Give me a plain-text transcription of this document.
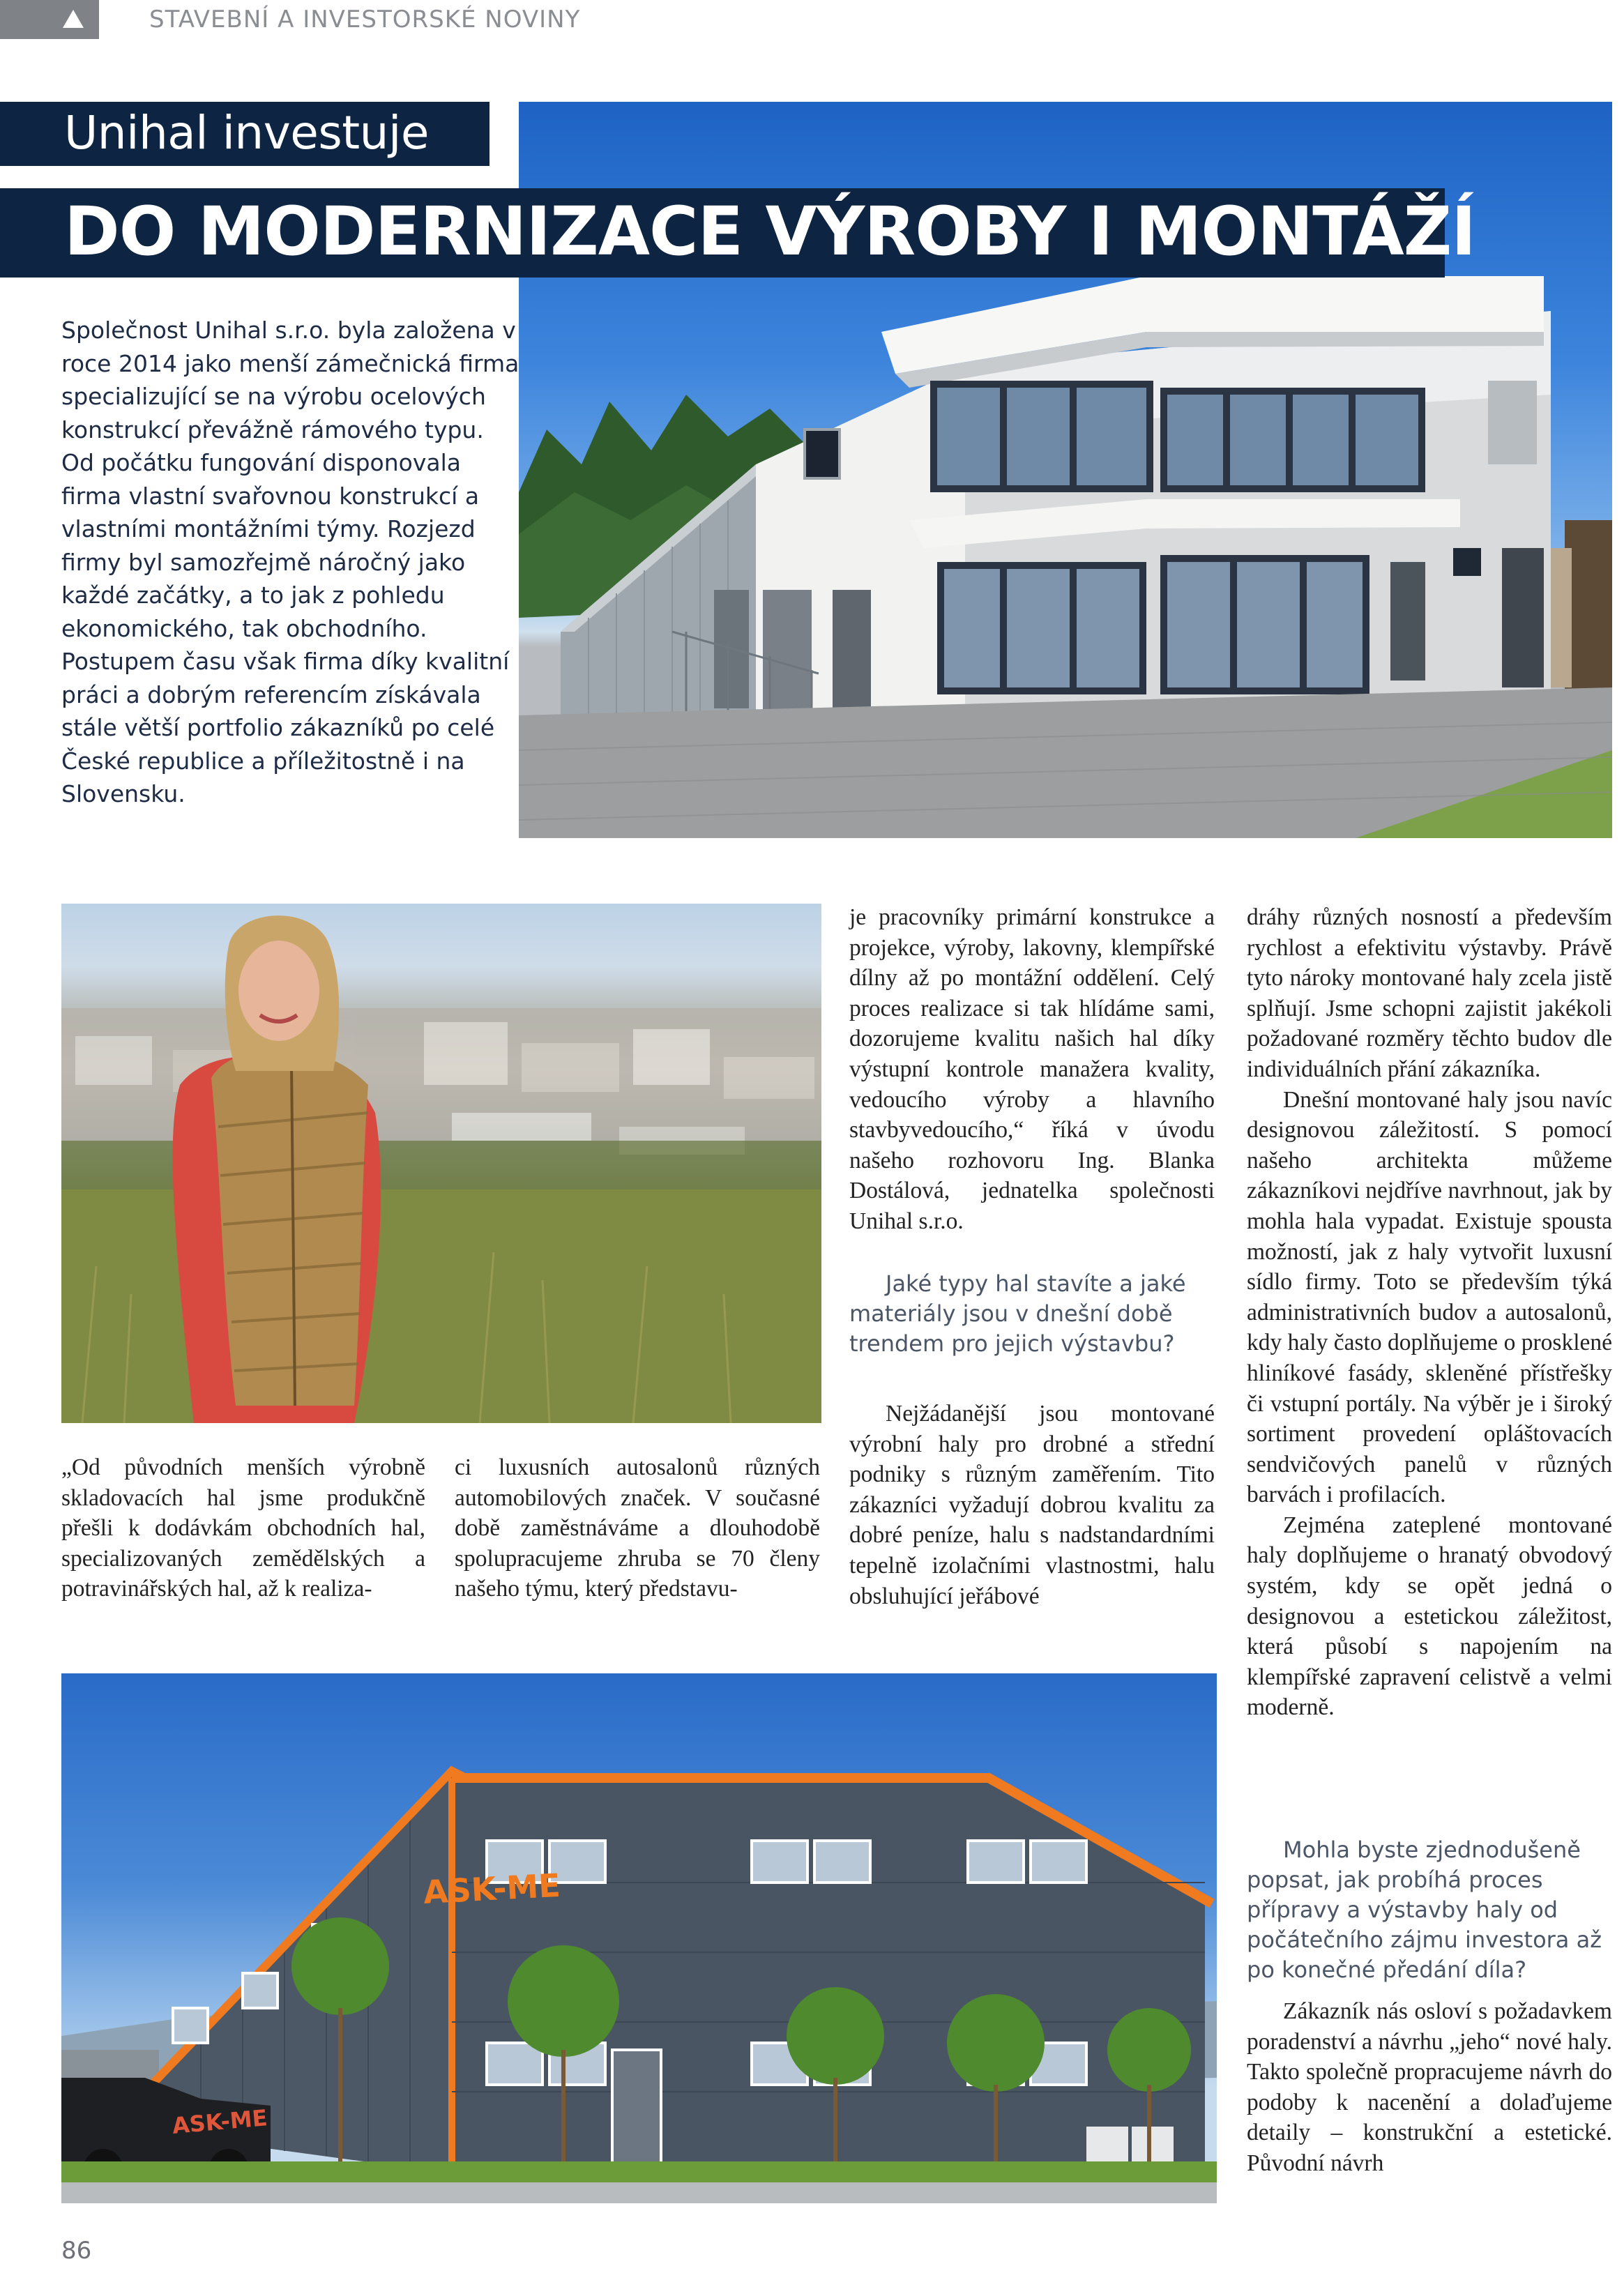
STAVEBNÍ A INVESTORSKÉ NOVINY
Unihal investuje
DO MODERNIZACE VÝROBY I MONTÁŽÍ

Společnost Unihal s.r.o. byla založena v roce 2014 jako menší zámečnická firma specializující se na výrobu ocelových konstrukcí převážně rámového typu. Od počátku fungování disponovala firma vlastní svařovnou konstrukcí a vlastními montážními týmy. Rozjezd firmy byl samozřejmě náročný jako každé začátky, a to jak z pohledu ekonomického, tak obchodního. Postupem času však firma díky kvalitní práci a dobrým referencím získávala stále větší portfolio zákazníků po celé České republice a příležitostně i na Slovensku.

„Od původních menších výrobně skladovacích hal jsme produkčně přešli k dodávkám obchodních hal, specializovaných zemědělských a potravinářských hal, až k realiza-

ci luxusních autosalonů různých automobilových značek. V současné době zaměstnáváme a dlouhodobě spolupracujeme zhruba se 70 členy našeho týmu, který představu-

je pracovníky primární konstrukce a projekce, výroby, lakovny, klempířské dílny až po montážní oddělení. Celý proces realizace si tak hlídáme sami, dozorujeme kvalitu našich hal díky výstupní kontrole manažera kvality, vedoucího výroby a hlavního stavbyvedoucího,“ říká v úvodu našeho rozhovoru Ing. Blanka Dostálová, jednatelka společnosti Unihal s.r.o.

Jaké typy hal stavíte a jaké materiály jsou v dnešní době trendem pro jejich výstavbu?

Nejžádanější jsou montované výrobní haly pro drobné a střední podniky s různým zaměřením. Tito zákazníci vyžadují dobrou kvalitu za dobré peníze, halu s nadstandardními tepelně izolačními vlastnostmi, halu obsluhující jeřábové

dráhy různých nosností a především rychlost a efektivitu výstavby. Právě tyto nároky montované haly zcela jistě splňují. Jsme schopni zajistit jakékoli požadované rozměry těchto budov dle individuálních přání zákazníka.

Dnešní montované haly jsou navíc designovou záležitostí. S pomocí našeho architekta můžeme zákazníkovi nejdříve navrhnout, jak by mohla hala vypadat. Existuje spousta možností, jak z haly vytvořit luxusní sídlo firmy. Toto se především týká administrativních budov a autosalonů, kdy haly často doplňujeme o prosklené hliníkové fasády, skleněné přístřešky či vstupní portály. Na výběr je i široký sortiment provedení opláštovacích sendvičových panelů v různých barvách i profilacích.

Zejména zateplené montované haly doplňujeme o hranatý obvodový systém, kdy se opět jedná o designovou a estetickou záležitost, která působí s napojením na klempířské zapravení celistvě a velmi moderně.

Mohla byste zjednodušeně popsat, jak probíhá proces přípravy a výstavby haly od počátečního zájmu investora až po konečné předání díla?

Zákazník nás osloví s požadavkem poradenství a návrhu „jeho“ nové haly. Takto společně propracujeme návrh do podoby k nacenění a dolaďujeme detaily – konstrukční a estetické. Původní návrh

ASK-ME
ASK-ME
86
